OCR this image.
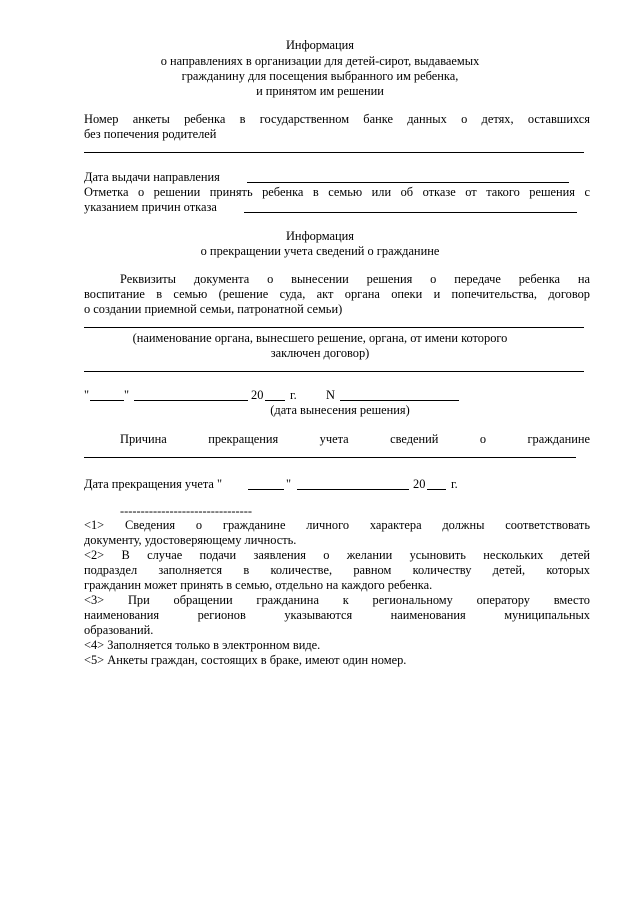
Информация
о направлениях в организации для детей-сирот, выдаваемых
гражданину для посещения выбранного им ребенка,
и принятом им решении
Номер анкеты ребенка в государственном банке данных о детях, оставшихся
без попечения родителей
Дата выдачи направления
Отметка о решении принять ребенка в семью или об отказе от такого решения с
указанием причин отказа
Информация
о прекращении учета сведений о гражданине
Реквизиты документа о вынесении решения о передаче ребенка на
воспитание в семью (решение суда, акт органа опеки и попечительства, договор
о создании приемной семьи, патронатной семьи)
(наименование органа, вынесшего решение, органа, от имени которого
заключен договор)
"	"	20 г. N
(дата вынесения решения)
Причина	прекращения	учета	сведений	о	гражданине
Дата прекращения учета "	"	20 г.
--------------------------------
<1> Сведения о гражданине личного характера должны соответствовать
документу, удостоверяющему личность.
<2> В случае подачи заявления о желании усыновить нескольких детей
подраздел заполняется в количестве, равном количеству детей, которых
гражданин может принять в семью, отдельно на каждого ребенка.
<3> При обращении гражданина к региональному оператору вместо
наименования регионов указываются наименования муниципальных
образований.
<4> Заполняется только в электронном виде.
<5> Анкеты граждан, состоящих в браке, имеют один номер.
